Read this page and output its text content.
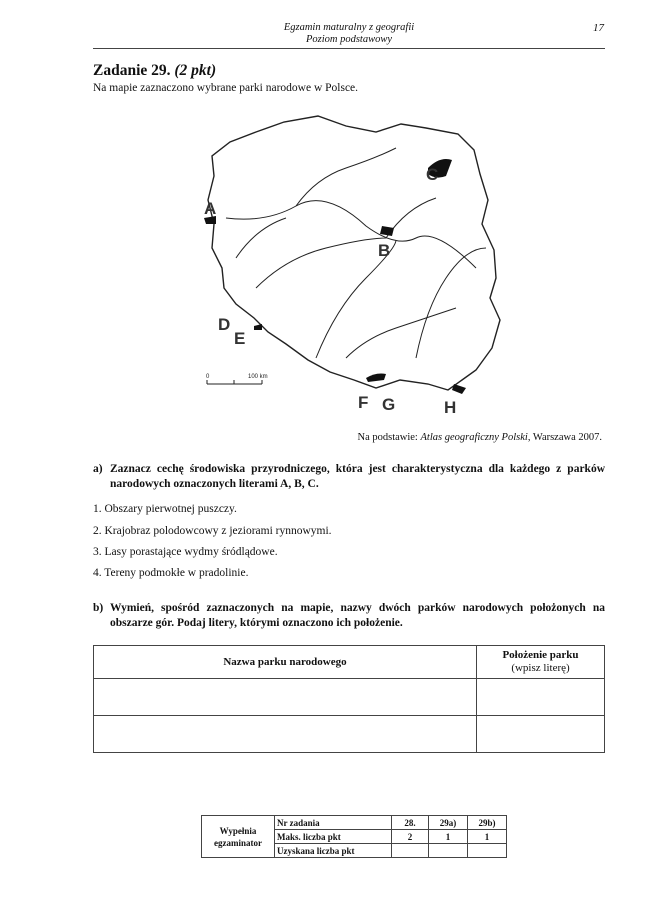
Egzamin maturalny z geografii
Poziom podstawowy
17
Zadanie 29. (2 pkt)
Na mapie zaznaczono wybrane parki narodowe w Polsce.
A
B
C
D
E
F G	H
0	100 km
Na podstawie: Atlas geograficzny Polski, Warszawa 2007.
a) Zaznacz cechę środowiska przyrodniczego, która jest charakterystyczna dla każdego z parków narodowych oznaczonych literami A, B, C.
1. Obszary pierwotnej puszczy.
2. Krajobraz polodowcowy z jeziorami rynnowymi.
3. Lasy porastające wydmy śródlądowe.
4. Tereny podmokłe w pradolinie.
b) Wymień, spośród zaznaczonych na mapie, nazwy dwóch parków narodowych położonych na obszarze gór. Podaj litery, którymi oznaczono ich położenie.
Nazwa parku narodowego	Położenie parku
(wpisz literę)

Wypełnia
egzaminator	Nr zadania	28.	29a)	29b)
	Maks. liczba pkt	2	1	1
	Uzyskana liczba pkt			
